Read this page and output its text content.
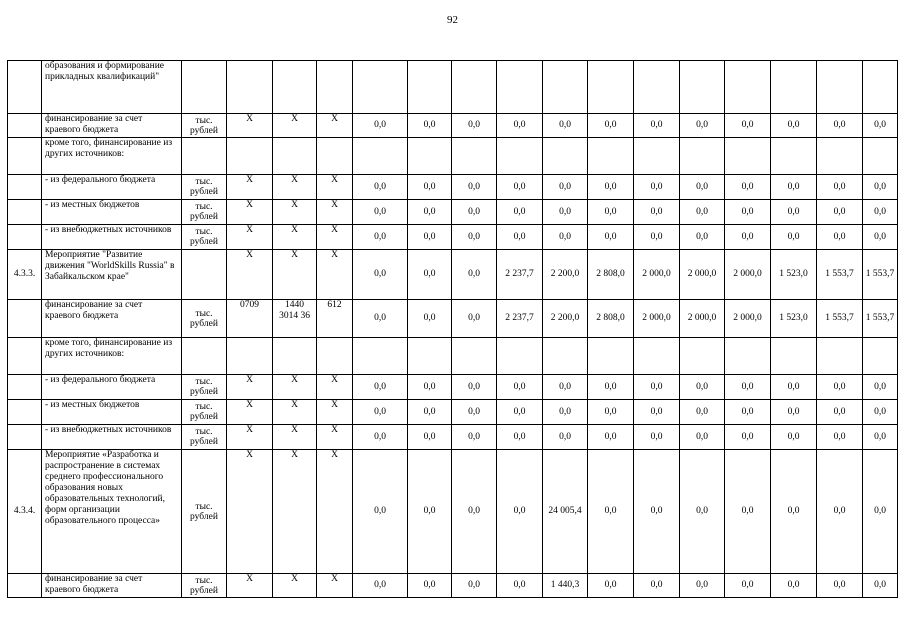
92
	образования и формирование прикладных квалификаций"																
	финансирование за счет краевого бюджета	тыс. рублей	X	X	X	0,0	0,0	0,0	0,0	0,0	0,0	0,0	0,0	0,0	0,0	0,0	0,0
	кроме того, финансирование из других источников:																
	- из федерального бюджета	тыс. рублей	X	X	X	0,0	0,0	0,0	0,0	0,0	0,0	0,0	0,0	0,0	0,0	0,0	0,0
	- из местных бюджетов	тыс. рублей	X	X	X	0,0	0,0	0,0	0,0	0,0	0,0	0,0	0,0	0,0	0,0	0,0	0,0
	- из внебюджетных источников	тыс. рублей	X	X	X	0,0	0,0	0,0	0,0	0,0	0,0	0,0	0,0	0,0	0,0	0,0	0,0
4.3.3.	Мероприятие "Развитие движения "WorldSkills Russia" в Забайкальском крае"		X	X	X	0,0	0,0	0,0	2 237,7	2 200,0	2 808,0	2 000,0	2 000,0	2 000,0	1 523,0	1 553,7	1 553,7
	финансирование за счет краевого бюджета	тыс. рублей	0709	1440 3014 36	612	0,0	0,0	0,0	2 237,7	2 200,0	2 808,0	2 000,0	2 000,0	2 000,0	1 523,0	1 553,7	1 553,7
	кроме того, финансирование из других источников:																
	- из федерального бюджета	тыс. рублей	X	X	X	0,0	0,0	0,0	0,0	0,0	0,0	0,0	0,0	0,0	0,0	0,0	0,0
	- из местных бюджетов	тыс. рублей	X	X	X	0,0	0,0	0,0	0,0	0,0	0,0	0,0	0,0	0,0	0,0	0,0	0,0
	- из внебюджетных источников	тыс. рублей	X	X	X	0,0	0,0	0,0	0,0	0,0	0,0	0,0	0,0	0,0	0,0	0,0	0,0
4.3.4.	Мероприятие «Разработка и распространение в системах среднего профессионального образования новых образовательных технологий, форм организации образовательного процесса»	тыс. рублей	X	X	X	0,0	0,0	0,0	0,0	24 005,4	0,0	0,0	0,0	0,0	0,0	0,0	0,0
	финансирование за счет краевого бюджета	тыс. рублей	X	X	X	0,0	0,0	0,0	0,0	1 440,3	0,0	0,0	0,0	0,0	0,0	0,0	0,0
